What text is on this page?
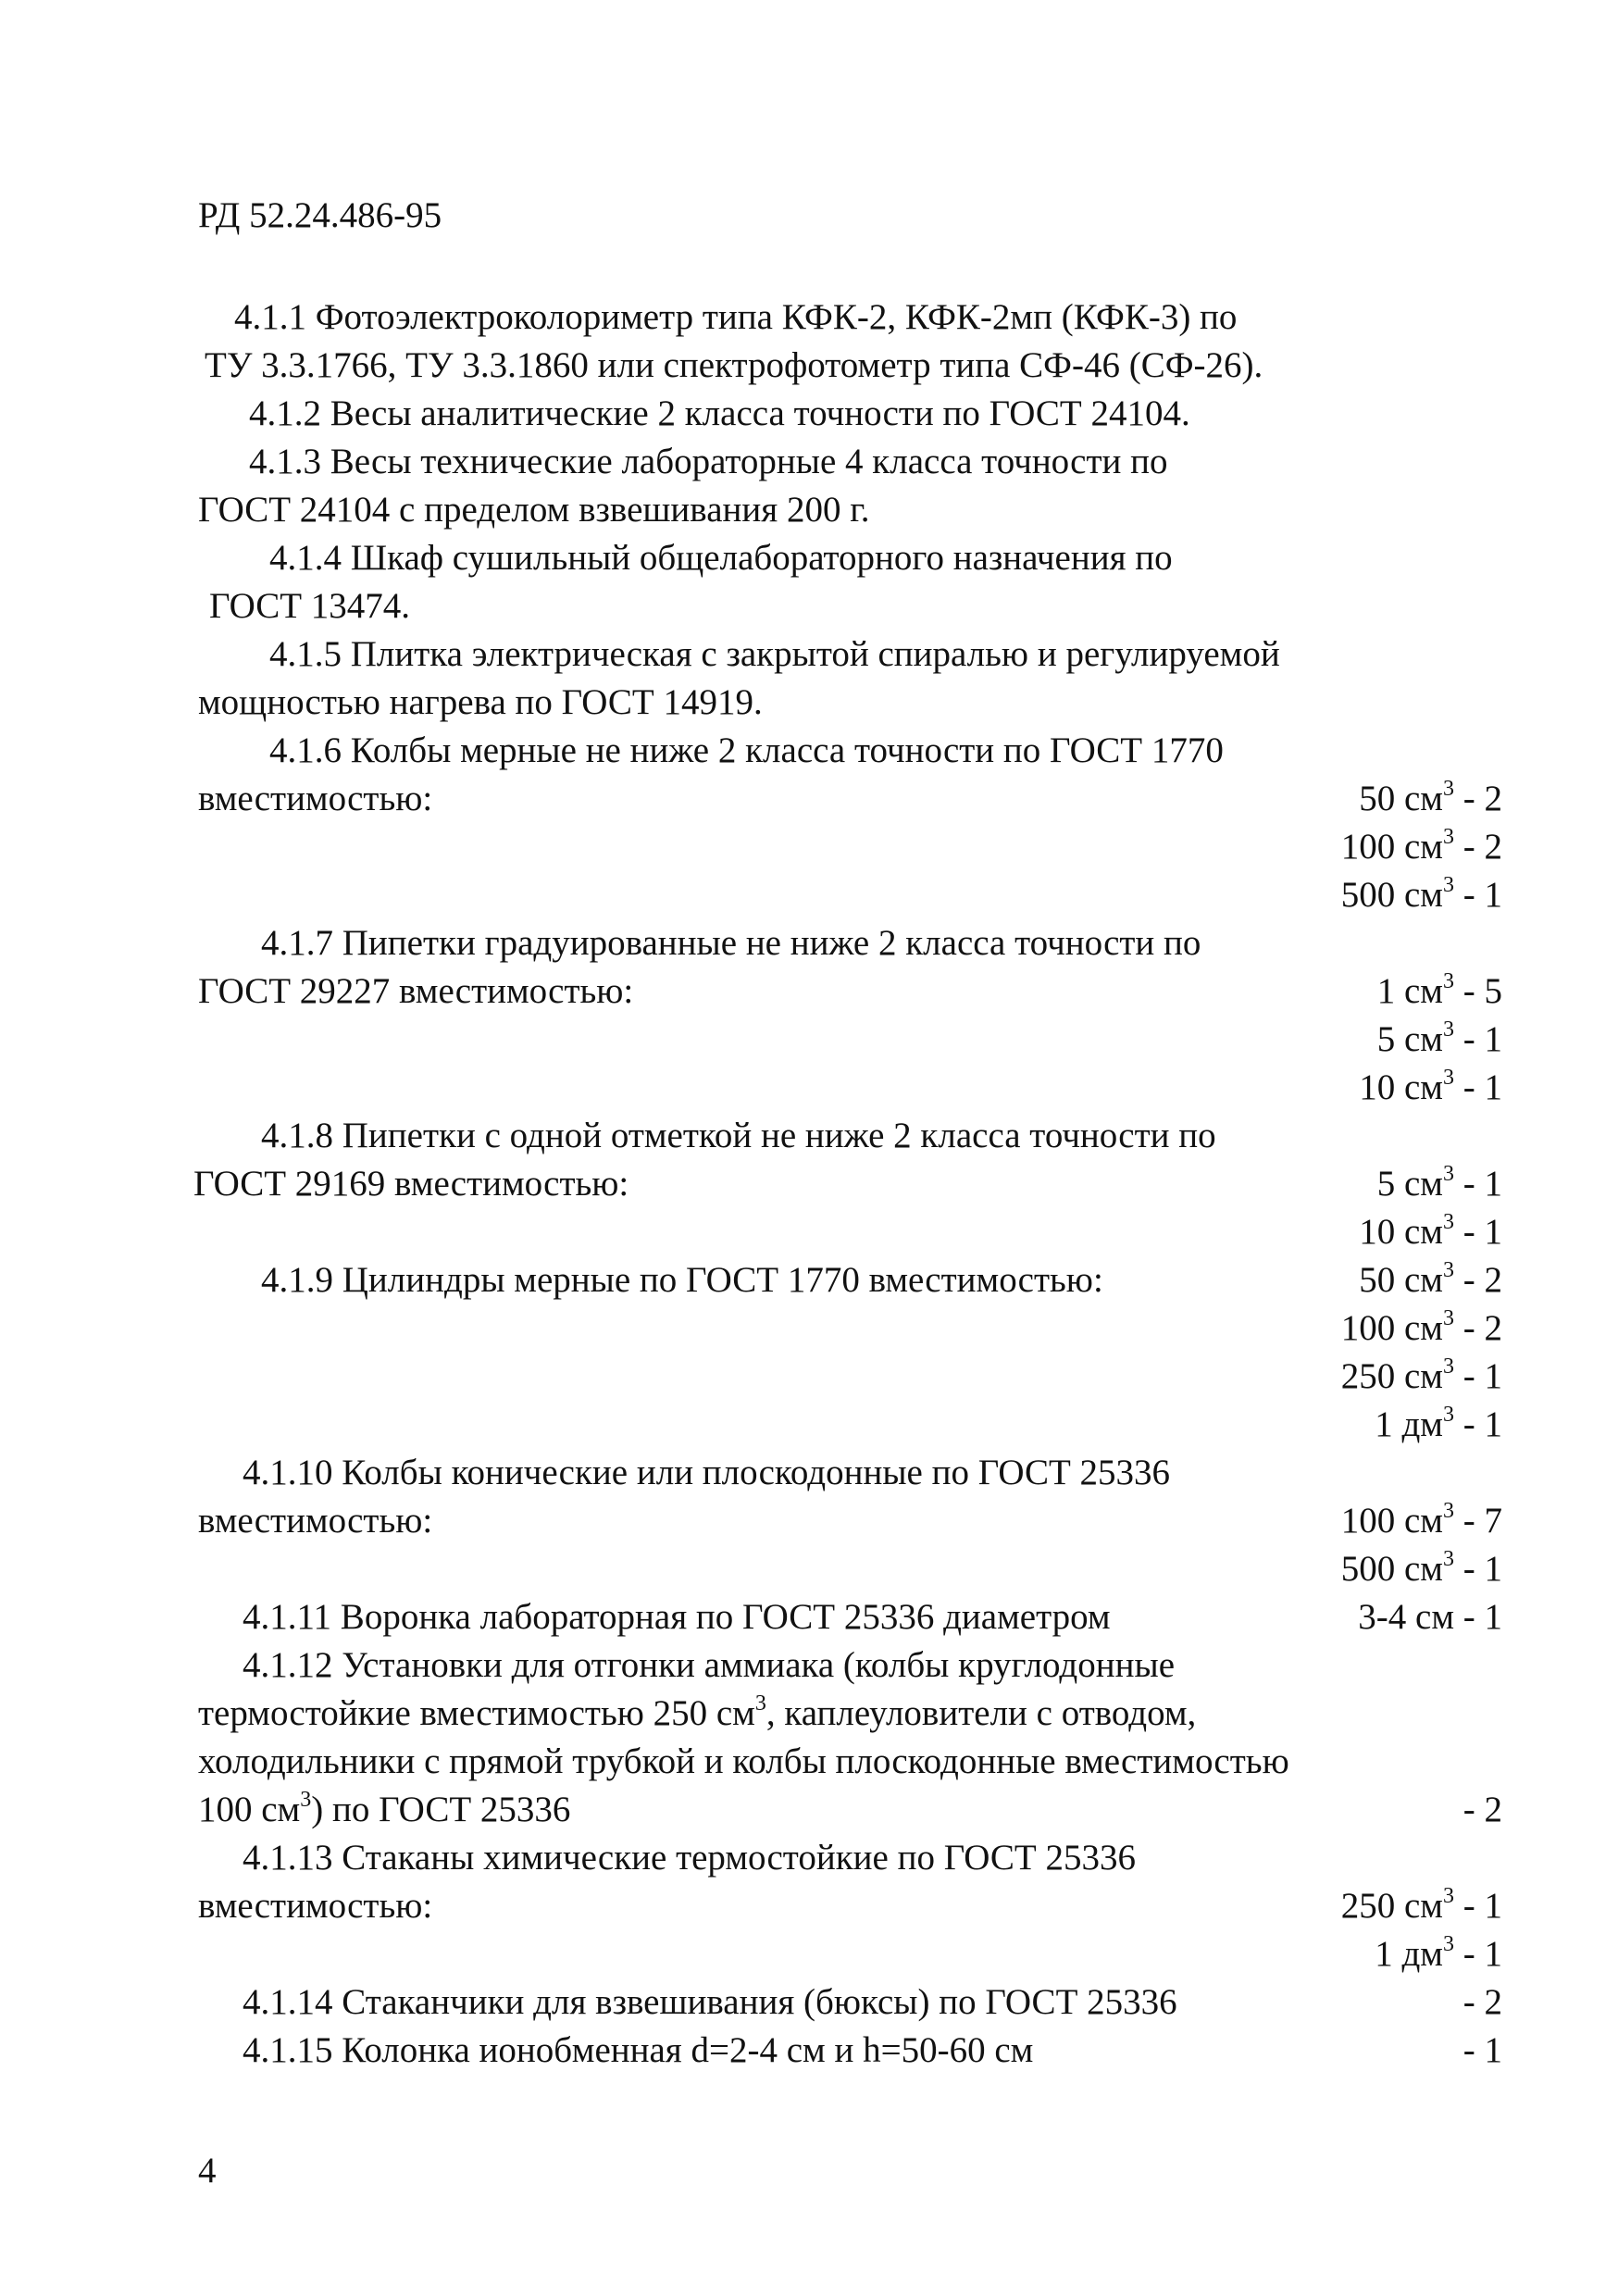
РД 52.24.486-95
4.1.1 Фотоэлектроколориметр типа КФК-2, КФК-2мп (КФК-3) по
ТУ 3.3.1766, ТУ 3.3.1860 или спектрофотометр типа СФ-46 (СФ-26).
4.1.2 Весы аналитические 2 класса точности по ГОСТ 24104.
4.1.3 Весы технические лабораторные 4 класса точности по
ГОСТ 24104 с пределом взвешивания 200 г.
4.1.4 Шкаф сушильный общелабораторного назначения по
ГОСТ 13474.
4.1.5 Плитка электрическая с закрытой спиралью и регулируемой
мощностью нагрева по ГОСТ 14919.
4.1.6 Колбы мерные не ниже 2 класса точности по ГОСТ 1770
вместимостью:	50 $см^3 - 2$
100 $см^3 - 2$
500 $см^3 - 1$
4.1.7 Пипетки градуированные не ниже 2 класса точности по
ГОСТ 29227 вместимостью:	1 $см^3 - 5$
5 $см^3 - 1$
10 $см^3 - 1$
4.1.8 Пипетки с одной отметкой не ниже 2 класса точности по
ГОСТ 29169 вместимостью:	5 $см^3 - 1$
10 $см^3 - 1$
4.1.9 Цилиндры мерные по ГОСТ 1770 вместимостью:	50 $см^3 - 2$
100 $см^3 - 2$
250 $см^3 - 1$
1 $дм^3 - 1$
4.1.10 Колбы конические или плоскодонные по ГОСТ 25336
вместимостью:	100 $см^3 - 7$
500 $см^3 - 1$
4.1.11 Воронка лабораторная по ГОСТ 25336 диаметром	3-4 см - 1
4.1.12 Установки для отгонки аммиака (колбы круглодонные
термостойкие вместимостью 250 $см^3$, каплеуловители с отводом,
холодильники с прямой трубкой и колбы плоскодонные вместимостью
100 $см^3$) по ГОСТ 25336	- 2
4.1.13 Стаканы химические термостойкие по ГОСТ 25336
вместимостью:	250 $см^3 - 1$
1 $дм^3 - 1$
4.1.14 Стаканчики для взвешивания (бюксы) по ГОСТ 25336	- 2
4.1.15 Колонка ионобменная d=2-4 см и h=50-60 см	- 1
4
